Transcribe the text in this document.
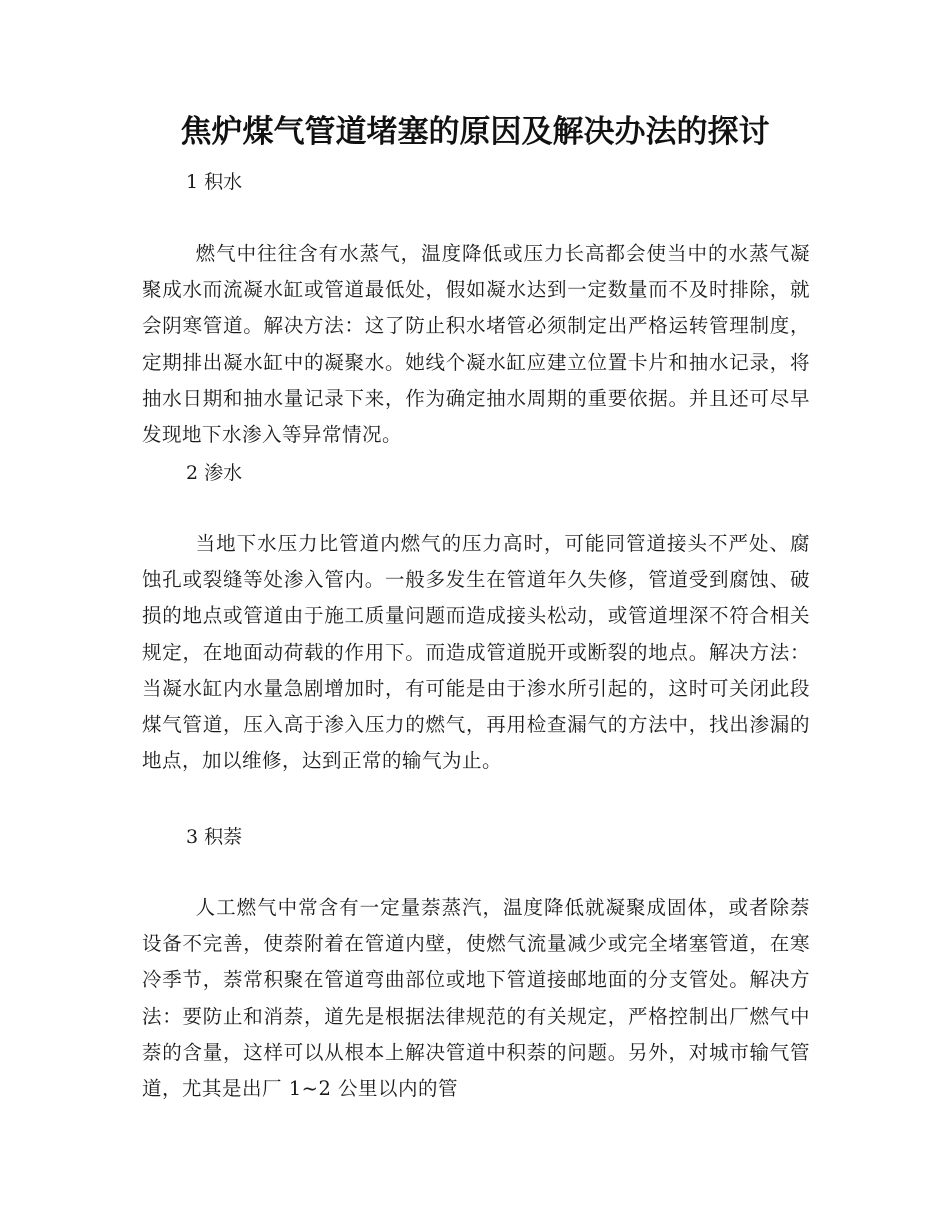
焦炉煤气管道堵塞的原因及解决办法的探讨

1 积水

燃气中往往含有水蒸气，温度降低或压力长高都会使当中的水蒸气凝聚成水而流凝水缸或管道最低处，假如凝水达到一定数量而不及时排除，就会阴寒管道。解决方法：这了防止积水堵管必须制定出严格运转管理制度，定期排出凝水缸中的凝聚水。她线个凝水缸应建立位置卡片和抽水记录，将抽水日期和抽水量记录下来，作为确定抽水周期的重要依据。并且还可尽早发现地下水渗入等异常情况。

2 渗水

当地下水压力比管道内燃气的压力高时，可能同管道接头不严处、腐蚀孔或裂缝等处渗入管内。一般多发生在管道年久失修，管道受到腐蚀、破损的地点或管道由于施工质量问题而造成接头松动，或管道埋深不符合相关规定，在地面动荷载的作用下。而造成管道脱开或断裂的地点。解决方法：当凝水缸内水量急剧增加时，有可能是由于渗水所引起的，这时可关闭此段煤气管道，压入高于渗入压力的燃气，再用检查漏气的方法中，找出渗漏的地点，加以维修，达到正常的输气为止。

3 积萘

人工燃气中常含有一定量萘蒸汽，温度降低就凝聚成固体，或者除萘设备不完善，使萘附着在管道内壁，使燃气流量减少或完全堵塞管道，在寒冷季节，萘常积聚在管道弯曲部位或地下管道接邮地面的分支管处。解决方法：要防止和消萘，道先是根据法律规范的有关规定，严格控制出厂燃气中萘的含量，这样可以从根本上解决管道中积萘的问题。另外，对城市输气管道，尤其是出厂 1~2 公里以内的管
